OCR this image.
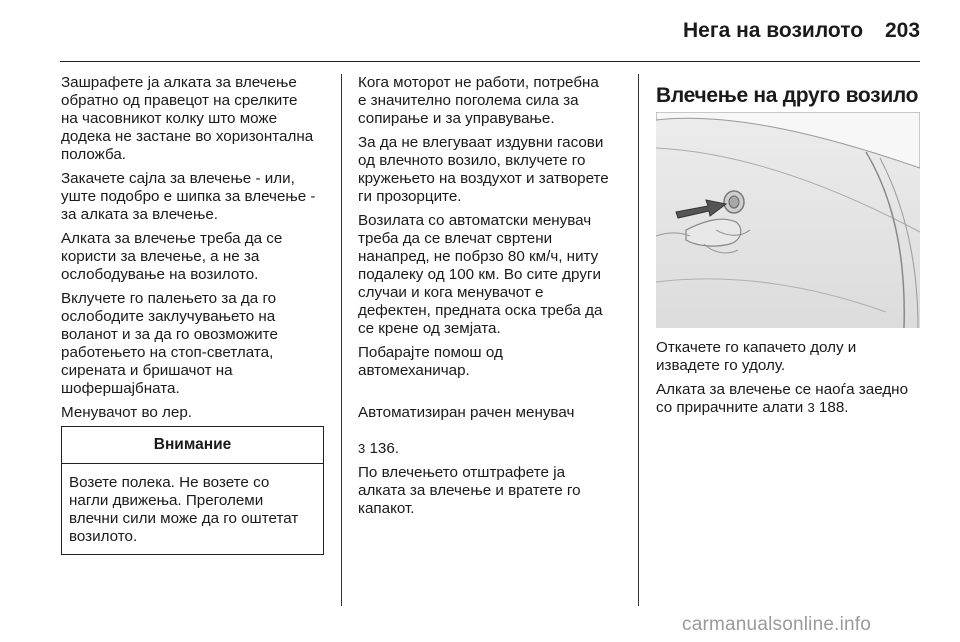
Нега на возилото 203

Зашрафете ја алката за влечење
обратно од правецот на срелките
на часовникот колку што може
додека не застане во хоризонтална
положба.

Закачете сајла за влечење - или,
уште подобро е шипка за влечење -
за алката за влечење.

Алката за влечење треба да се
користи за влечење, а не за
ослободување на возилото.

Вклучете го палењето за да го
ослободите заклучувањето на
воланот и за да го овозможите
работењето на стоп-светлата,
сирената и бришачот на
шофершајбната.

Менувачот во лер.

Внимание
Возете полека. Не возете со
нагли движења. Преголеми
влечни сили може да го оштетат
возилото.

Кога моторот не работи, потребна
е значително поголема сила за
сопирање и за управување.

За да не влегуваат издувни гасови
од влечното возило, вклучете го
кружењето на воздухот и затворете
ги прозорците.

Возилата со автоматски менувач
треба да се влечат свртени
нанапред, не побрзо 80 км/ч, ниту
подалеку од 100 км. Во сите други
случаи и кога менувачот е
дефектен, предната оска треба да
се крене од земјата.

Побарајте помош од
автомеханичар.

Автоматизиран рачен менувач

3 136.

По влечењето отштрафете ја
алката за влечење и вратете го
капакот.

Влечење на друго возило

Откачете го капачето долу и
извадете го удолу.

Алката за влечење се наоѓа заедно
со прирачните алати 3 188.

carmanualsonline.info
